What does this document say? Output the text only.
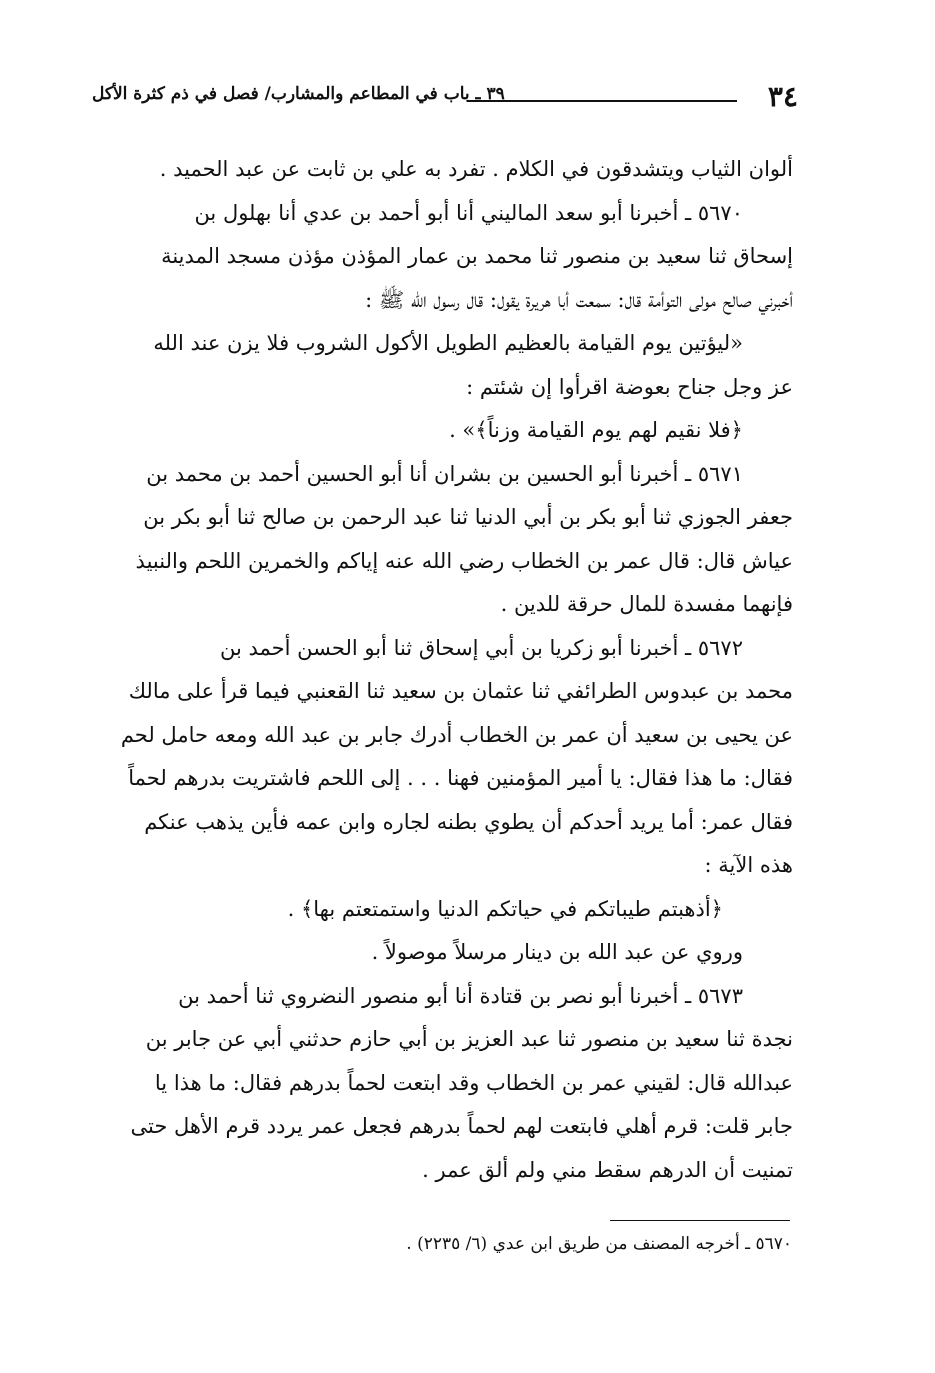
٣٤
٣٩ ـ باب في المطاعم والمشارب/ فصل في ذم كثرة الأكل
ألوان الثياب ويتشدقون في الكلام . تفرد به علي بن ثابت عن عبد الحميد .
٥٦٧٠ ـ أخبرنا أبو سعد الماليني أنا أبو أحمد بن عدي أنا بهلول بن
إسحاق ثنا سعيد بن منصور ثنا محمد بن عمار المؤذن مؤذن مسجد المدينة
أخبرني صالح مولى التوأمة قال: سمعت أبا هريرة يقول: قال رسول الله ﷺ :
«ليؤتين يوم القيامة بالعظيم الطويل الأكول الشروب فلا يزن عند الله
عز وجل جناح بعوضة اقرأوا إن شئتم :
﴿فلا نقيم لهم يوم القيامة وزناً﴾» .
٥٦٧١ ـ أخبرنا أبو الحسين بن بشران أنا أبو الحسين أحمد بن محمد بن
جعفر الجوزي ثنا أبو بكر بن أبي الدنيا ثنا عبد الرحمن بن صالح ثنا أبو بكر بن
عياش قال: قال عمر بن الخطاب رضي الله عنه إياكم والخمرين اللحم والنبيذ
فإنهما مفسدة للمال حرقة للدين .
٥٦٧٢ ـ أخبرنا أبو زكريا بن أبي إسحاق ثنا أبو الحسن أحمد بن
محمد بن عبدوس الطرائفي ثنا عثمان بن سعيد ثنا القعنبي فيما قرأ على مالك
عن يحيى بن سعيد أن عمر بن الخطاب أدرك جابر بن عبد الله ومعه حامل لحم
فقال: ما هذا فقال: يا أمير المؤمنين فهنا . . . إلى اللحم فاشتريت بدرهم لحماً
فقال عمر: أما يريد أحدكم أن يطوي بطنه لجاره وابن عمه فأين يذهب عنكم
هذه الآية :
﴿أذهبتم طيباتكم في حياتكم الدنيا واستمتعتم بها﴾ .
وروي عن عبد الله بن دينار مرسلاً موصولاً .
٥٦٧٣ ـ أخبرنا أبو نصر بن قتادة أنا أبو منصور النضروي ثنا أحمد بن
نجدة ثنا سعيد بن منصور ثنا عبد العزيز بن أبي حازم حدثني أبي عن جابر بن
عبدالله قال: لقيني عمر بن الخطاب وقد ابتعت لحماً بدرهم فقال: ما هذا يا
جابر قلت: قرم أهلي فابتعت لهم لحماً بدرهم فجعل عمر يردد قرم الأهل حتى
تمنيت أن الدرهم سقط مني ولم ألق عمر .
٥٦٧٠ ـ أخرجه المصنف من طريق ابن عدي (٦/ ٢٢٣٥) .
